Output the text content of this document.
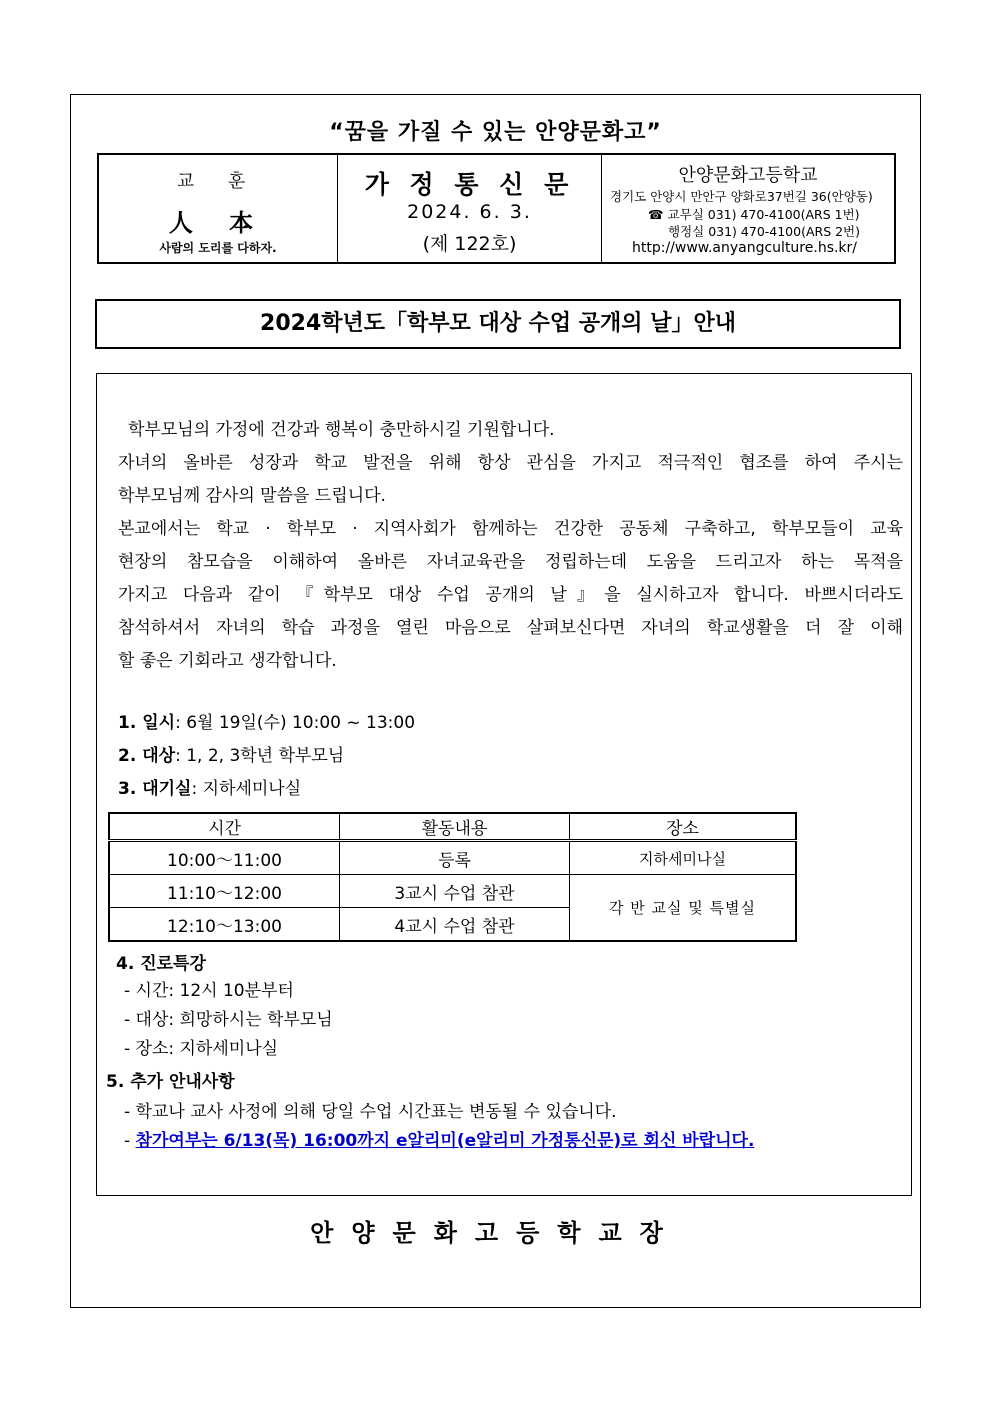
“꿈을 가질 수 있는 안양문화고”
교 훈
人 本
사람의 도리를 다하자.
가 정 통 신 문
2024. 6. 3.
(제 122호)
안양문화고등학교
경기도 안양시 만안구 양화로37번길 36(안양동)
☎ 교무실 031) 470-4100(ARS 1번)
행정실 031) 470-4100(ARS 2번)
http://www.anyangculture.hs.kr/
2024학년도「학부모 대상 수업 공개의 날」안내

학부모님의 가정에 건강과 행복이 충만하시길 기원합니다.

자녀의 올바른 성장과 학교 발전을 위해 항상 관심을 가지고 적극적인 협조를 하여 주시는

학부모님께 감사의 말씀을 드립니다.

본교에서는 학교 · 학부모 · 지역사회가 함께하는 건강한 공동체 구축하고, 학부모들이 교육

현장의 참모습을 이해하여 올바른 자녀교육관을 정립하는데 도움을 드리고자 하는 목적을

가지고 다음과 같이 『학부모 대상 수업 공개의 날』을 실시하고자 합니다. 바쁘시더라도

참석하셔서 자녀의 학습 과정을 열린 마음으로 살펴보신다면 자녀의 학교생활을 더 잘 이해

할 좋은 기회라고 생각합니다.

1. 일시: 6월 19일(수) 10:00 ~ 13:00
2. 대상: 1, 2, 3학년 학부모님
3. 대기실: 지하세미나실
시간	활동내용	장소
10:00～11:00	등록	지하세미나실
11:10～12:00	3교시 수업 참관	각 반 교실 및 특별실
12:10～13:00	4교시 수업 참관	
4. 진로특강
- 시간: 12시 10분부터
- 대상: 희망하시는 학부모님
- 장소: 지하세미나실
5. 추가 안내사항
- 학교나 교사 사정에 의해 당일 수업 시간표는 변동될 수 있습니다.
- 참가여부는 6/13(목) 16:00까지 e알리미(e알리미 가정통신문)로 회신 바랍니다.
안양문화고등학교장
